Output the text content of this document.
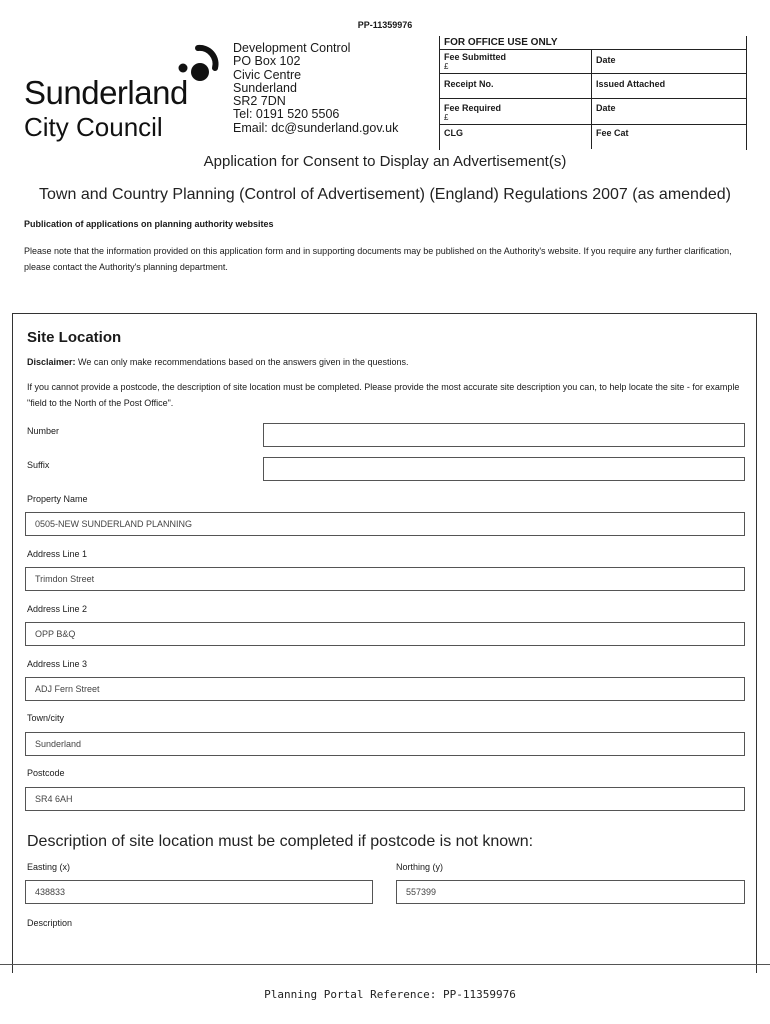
PP-11359976
Sunderland
City Council
Development Control
PO Box 102
Civic Centre
Sunderland
SR2 7DN
Tel: 0191 520 5506
Email: dc@sunderland.gov.uk
FOR OFFICE USE ONLY
Fee Submitted
£
Date
Receipt No.	Issued Attached
Fee Required
£
Date
CLG	Fee Cat
Application for Consent to Display an Advertisement(s)
Town and Country Planning (Control of Advertisement) (England) Regulations 2007 (as amended)
Publication of applications on planning authority websites
Please note that the information provided on this application form and in supporting documents may be published on the Authority's website. If you require any further clarification, please contact the Authority's planning department.
Site Location
Disclaimer: We can only make recommendations based on the answers given in the questions.
If you cannot provide a postcode, the description of site location must be completed. Please provide the most accurate site description you can, to help locate the site - for example "field to the North of the Post Office".
Number
Suffix
Property Name
0505-NEW SUNDERLAND PLANNING
Address Line 1
Trimdon Street
Address Line 2
OPP B&Q
Address Line 3
ADJ Fern Street
Town/city
Sunderland
Postcode
SR4 6AH
Description of site location must be completed if postcode is not known:
Easting (x)
438833
Northing (y)
557399
Description
Planning Portal Reference: PP-11359976
